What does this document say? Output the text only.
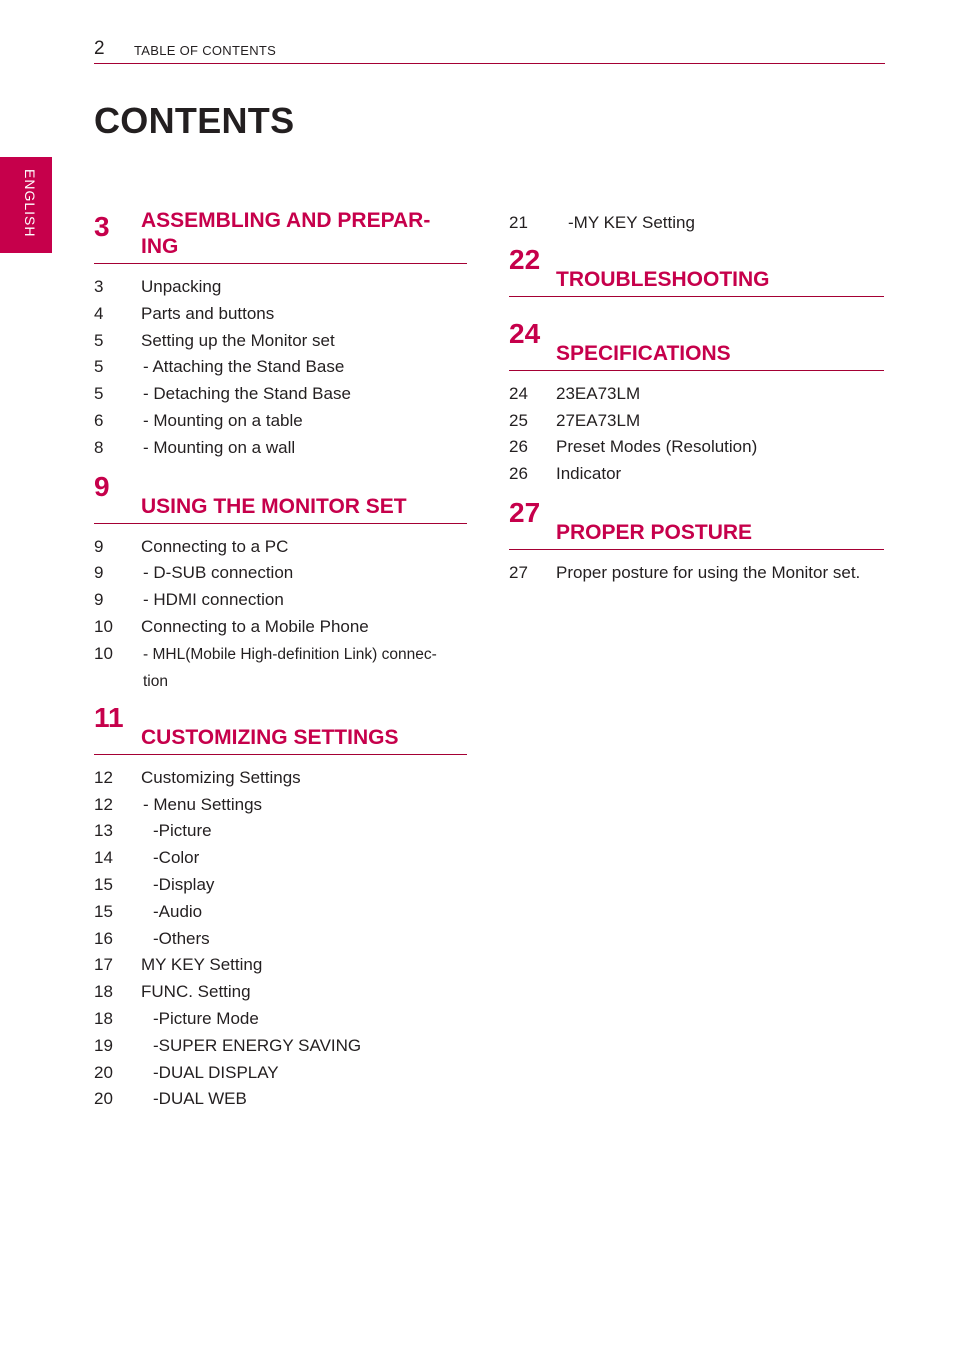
2 TABLE OF CONTENTS
ENGLISH
CONTENTS
3 ASSEMBLING AND PREPAR-ING
3 Unpacking
4 Parts and buttons
5 Setting up the Monitor set
5 - Attaching the Stand Base
5 - Detaching the Stand Base
6 - Mounting on a table
8 - Mounting on a wall
9
USING THE MONITOR SET
9 Connecting to a PC
9 - D-SUB connection
9 - HDMI connection
10 Connecting to a Mobile Phone
10 - MHL(Mobile High-definition Link) connec-tion
11
CUSTOMIZING SETTINGS
12 Customizing Settings
12 - Menu Settings
13 -Picture
14 -Color
15 -Display
15 -Audio
16 -Others
17 MY KEY Setting
18 FUNC. Setting
18 -Picture Mode
19 -SUPER ENERGY SAVING
20 -DUAL DISPLAY
20 -DUAL WEB
21 -MY KEY Setting
22
TROUBLESHOOTING
24
SPECIFICATIONS
24 23EA73LM
25 27EA73LM
26 Preset Modes (Resolution)
26 Indicator
27
PROPER POSTURE
27 Proper posture for using the Monitor set.
